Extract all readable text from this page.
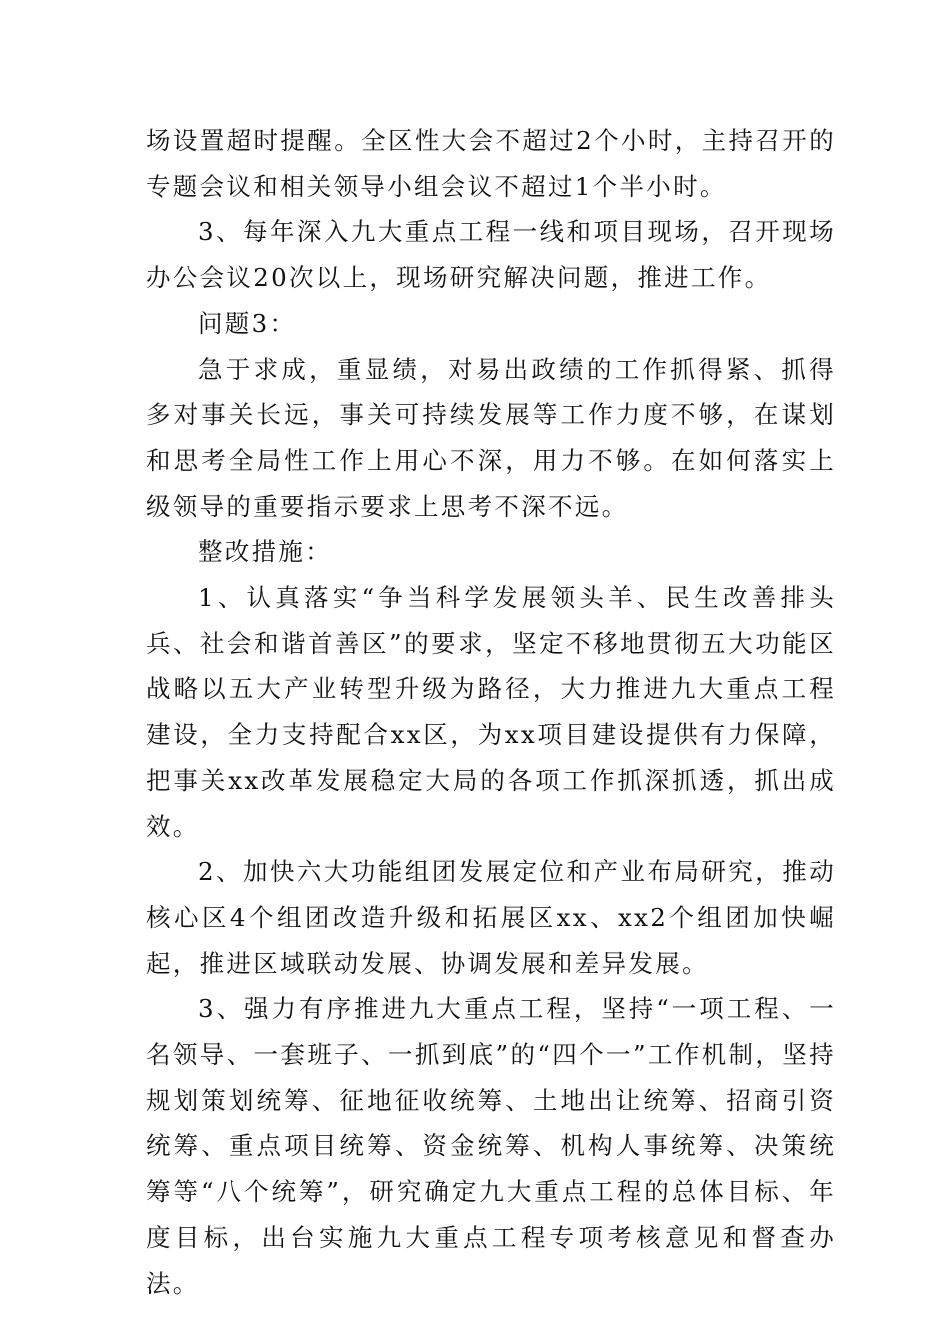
场设置超时提醒。全区性大会不超过2个小时，主持召开的专题会议和相关领导小组会议不超过1个半小时。

3、每年深入九大重点工程一线和项目现场，召开现场办公会议20次以上，现场研究解决问题，推进工作。

问题3：

急于求成，重显绩，对易出政绩的工作抓得紧、抓得多对事关长远，事关可持续发展等工作力度不够，在谋划和思考全局性工作上用心不深，用力不够。在如何落实上级领导的重要指示要求上思考不深不远。

整改措施：

1、认真落实“争当科学发展领头羊、民生改善排头兵、社会和谐首善区”的要求，坚定不移地贯彻五大功能区战略以五大产业转型升级为路径，大力推进九大重点工程建设，全力支持配合xx区，为xx项目建设提供有力保障，把事关xx改革发展稳定大局的各项工作抓深抓透，抓出成效。

2、加快六大功能组团发展定位和产业布局研究，推动核心区4个组团改造升级和拓展区xx、xx2个组团加快崛起，推进区域联动发展、协调发展和差异发展。

3、强力有序推进九大重点工程，坚持“一项工程、一名领导、一套班子、一抓到底”的“四个一”工作机制，坚持规划策划统筹、征地征收统筹、土地出让统筹、招商引资统筹、重点项目统筹、资金统筹、机构人事统筹、决策统筹等“八个统筹”，研究确定九大重点工程的总体目标、年度目标，出台实施九大重点工程专项考核意见和督查办法。
